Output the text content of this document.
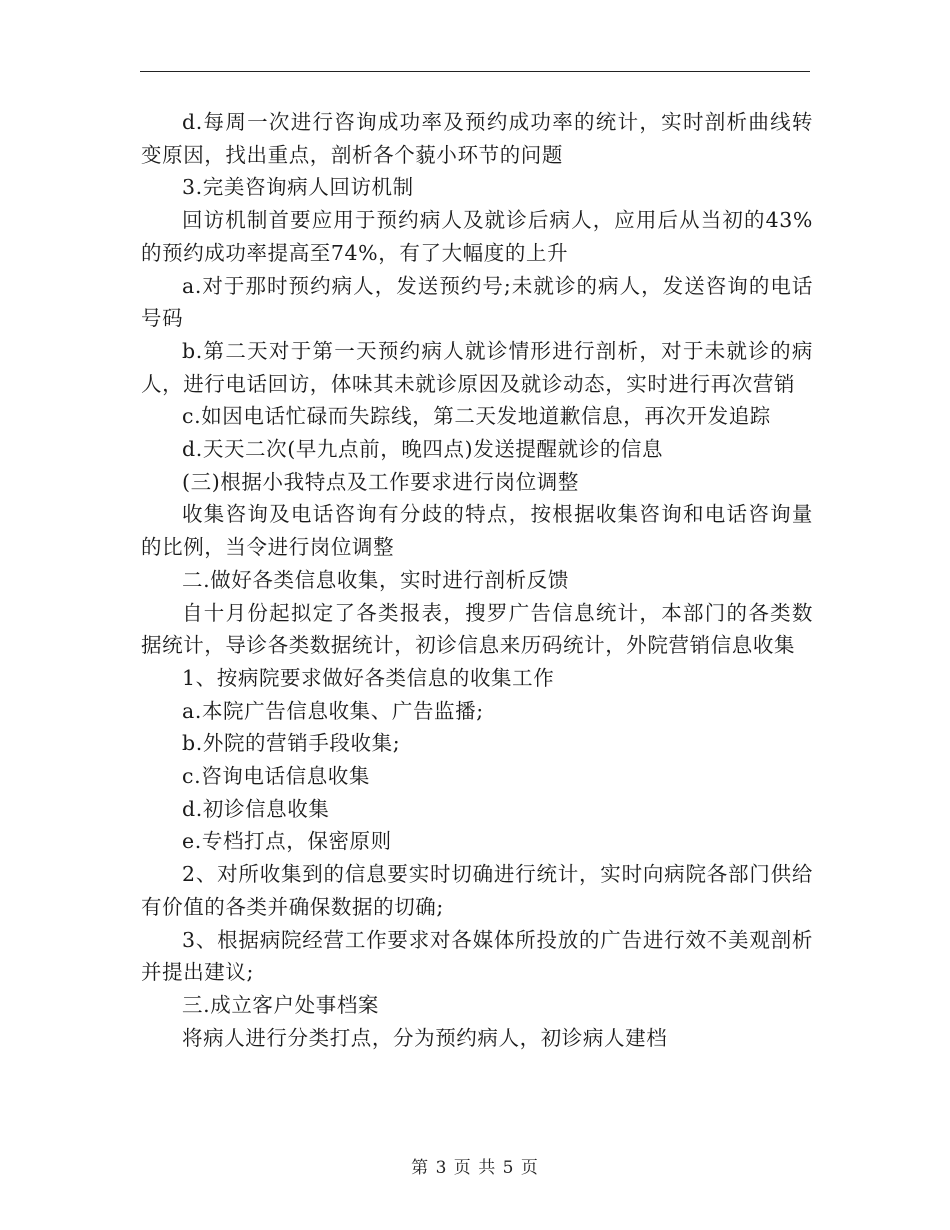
d.每周一次进行咨询成功率及预约成功率的统计，实时剖析曲线转变原因，找出重点，剖析各个藐小环节的问题

3.完美咨询病人回访机制

回访机制首要应用于预约病人及就诊后病人，应用后从当初的43%的预约成功率提高至74%，有了大幅度的上升

a.对于那时预约病人，发送预约号;未就诊的病人，发送咨询的电话号码

b.第二天对于第一天预约病人就诊情形进行剖析，对于未就诊的病人，进行电话回访，体味其未就诊原因及就诊动态，实时进行再次营销

c.如因电话忙碌而失踪线，第二天发地道歉信息，再次开发追踪

d.天天二次(早九点前，晚四点)发送提醒就诊的信息

(三)根据小我特点及工作要求进行岗位调整

收集咨询及电话咨询有分歧的特点，按根据收集咨询和电话咨询量的比例，当令进行岗位调整

二.做好各类信息收集，实时进行剖析反馈

自十月份起拟定了各类报表，搜罗广告信息统计，本部门的各类数据统计，导诊各类数据统计，初诊信息来历码统计，外院营销信息收集

1、按病院要求做好各类信息的收集工作

a.本院广告信息收集、广告监播;

b.外院的营销手段收集;

c.咨询电话信息收集

d.初诊信息收集

e.专档打点，保密原则

2、对所收集到的信息要实时切确进行统计，实时向病院各部门供给有价值的各类并确保数据的切确;

3、根据病院经营工作要求对各媒体所投放的广告进行效不美观剖析并提出建议;

三.成立客户处事档案

将病人进行分类打点，分为预约病人，初诊病人建档

第 3 页 共 5 页
